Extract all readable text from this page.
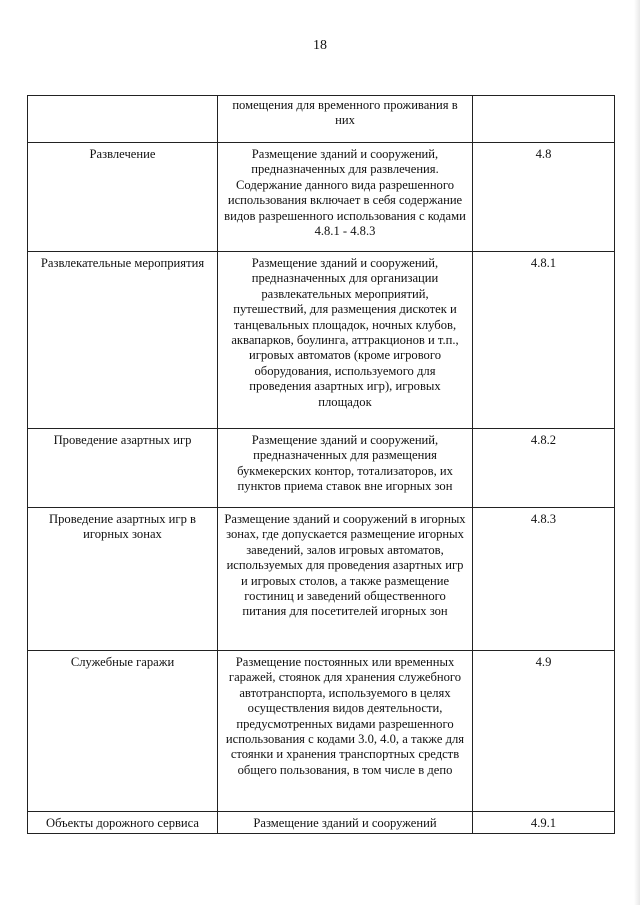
18
	помещения для временного проживания в них	
Развлечение	Размещение зданий и сооружений, предназначенных для развлечения. Содержание данного вида разрешенного использования включает в себя содержание видов разрешенного использования с кодами 4.8.1 - 4.8.3	4.8
Развлекательные мероприятия	Размещение зданий и сооружений, предназначенных для организации развлекательных мероприятий, путешествий, для размещения дискотек и танцевальных площадок, ночных клубов, аквапарков, боулинга, аттракционов и т.п., игровых автоматов (кроме игрового оборудования, используемого для проведения азартных игр), игровых площадок	4.8.1
Проведение азартных игр	Размещение зданий и сооружений, предназначенных для размещения букмекерских контор, тотализаторов, их пунктов приема ставок вне игорных зон	4.8.2
Проведение азартных игр в игорных зонах	Размещение зданий и сооружений в игорных зонах, где допускается размещение игорных заведений, залов игровых автоматов, используемых для проведения азартных игр и игровых столов, а также размещение гостиниц и заведений общественного питания для посетителей игорных зон	4.8.3
Служебные гаражи	Размещение постоянных или временных гаражей, стоянок для хранения служебного автотранспорта, используемого в целях осуществления видов деятельности, предусмотренных видами разрешенного использования с кодами 3.0, 4.0, а также для стоянки и хранения транспортных средств общего пользования, в том числе в депо	4.9
Объекты дорожного сервиса	Размещение зданий и сооружений	4.9.1
